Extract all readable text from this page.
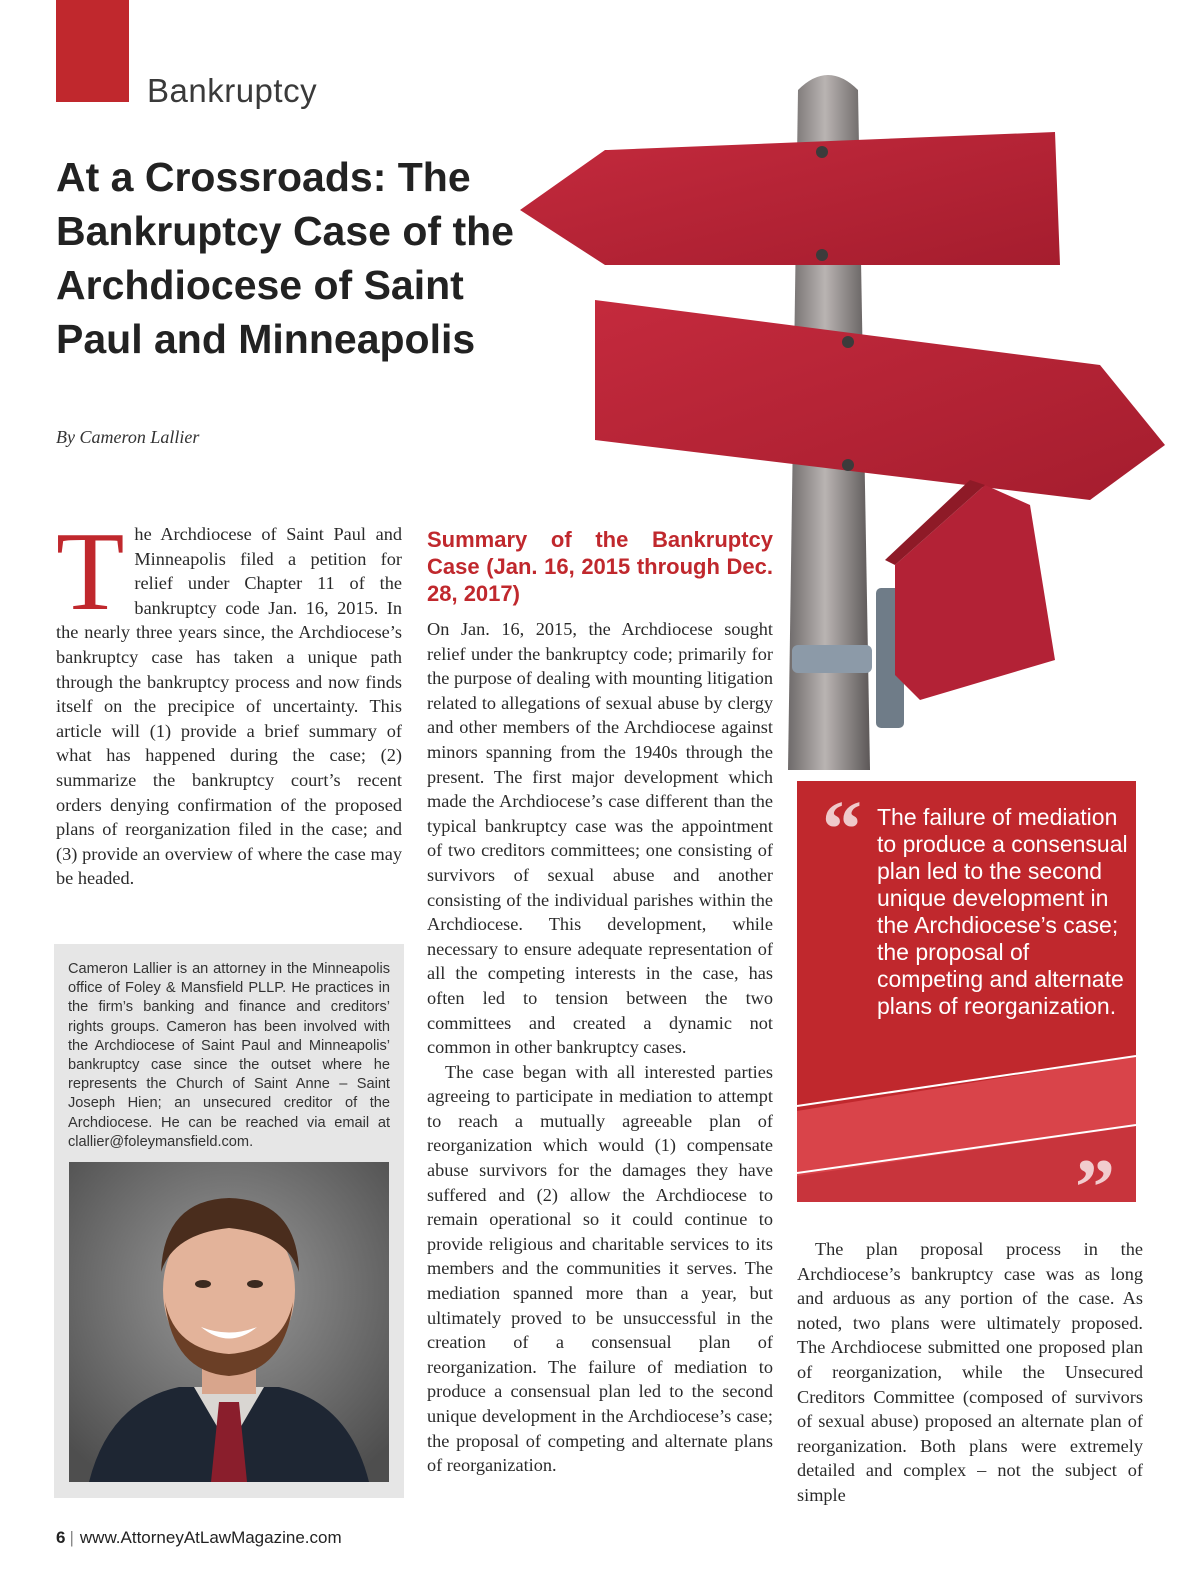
Bankruptcy
At a Crossroads: The Bankruptcy Case of the Archdiocese of Saint Paul and Minneapolis
By Cameron Lallier
T he Archdiocese of Saint Paul and Minneapolis filed a petition for relief under Chapter 11 of the bankruptcy code Jan. 16, 2015. In the nearly three years since, the Archdiocese’s bankruptcy case has taken a unique path through the bankruptcy process and now finds itself on the precipice of uncertainty. This article will (1) provide a brief summary of what has happened during the case; (2) summarize the bankruptcy court’s recent orders denying confirmation of the proposed plans of reorganization filed in the case; and (3) provide an overview of where the case may be headed.

Cameron Lallier is an attorney in the Minneapolis office of Foley & Mansfield PLLP. He practices in the firm’s banking and finance and creditors’ rights groups. Cameron has been involved with the Archdiocese of Saint Paul and Minneapolis’ bankruptcy case since the outset where he represents the Church of Saint Anne – Saint Joseph Hien; an unsecured creditor of the Archdiocese. He can be reached via email at clallier@foleymansfield.com.

Summary of the Bankruptcy Case (Jan. 16, 2015 through Dec. 28, 2017)

On Jan. 16, 2015, the Archdiocese sought relief under the bankruptcy code; primarily for the purpose of dealing with mounting litigation related to allegations of sexual abuse by clergy and other members of the Archdiocese against minors spanning from the 1940s through the present. The first major development which made the Archdiocese’s case different than the typical bankruptcy case was the appointment of two creditors committees; one consisting of survivors of sexual abuse and another consisting of the individual parishes within the Archdiocese. This development, while necessary to ensure adequate representation of all the competing interests in the case, has often led to tension between the two committees and created a dynamic not common in other bankruptcy cases.

The case began with all interested parties agreeing to participate in mediation to attempt to reach a mutually agreeable plan of reorganization which would (1) compensate abuse survivors for the damages they have suffered and (2) allow the Archdiocese to remain operational so it could continue to provide religious and charitable services to its members and the communities it serves. The mediation spanned more than a year, but ultimately proved to be unsuccessful in the creation of a consensual plan of reorganization. The failure of mediation to produce a consensual plan led to the second unique development in the Archdiocese’s case; the proposal of competing and alternate plans of reorganization.

“ The failure of mediation to produce a consensual plan led to the second unique development in the Archdiocese’s case; the proposal of competing and alternate plans of reorganization.

”

The plan proposal process in the Archdiocese’s bankruptcy case was as long and arduous as any portion of the case. As noted, two plans were ultimately proposed. The Archdiocese submitted one proposed plan of reorganization, while the Unsecured Creditors Committee (composed of survivors of sexual abuse) proposed an alternate plan of reorganization. Both plans were extremely detailed and complex – not the subject of simple

6 | www.AttorneyAtLawMagazine.com
